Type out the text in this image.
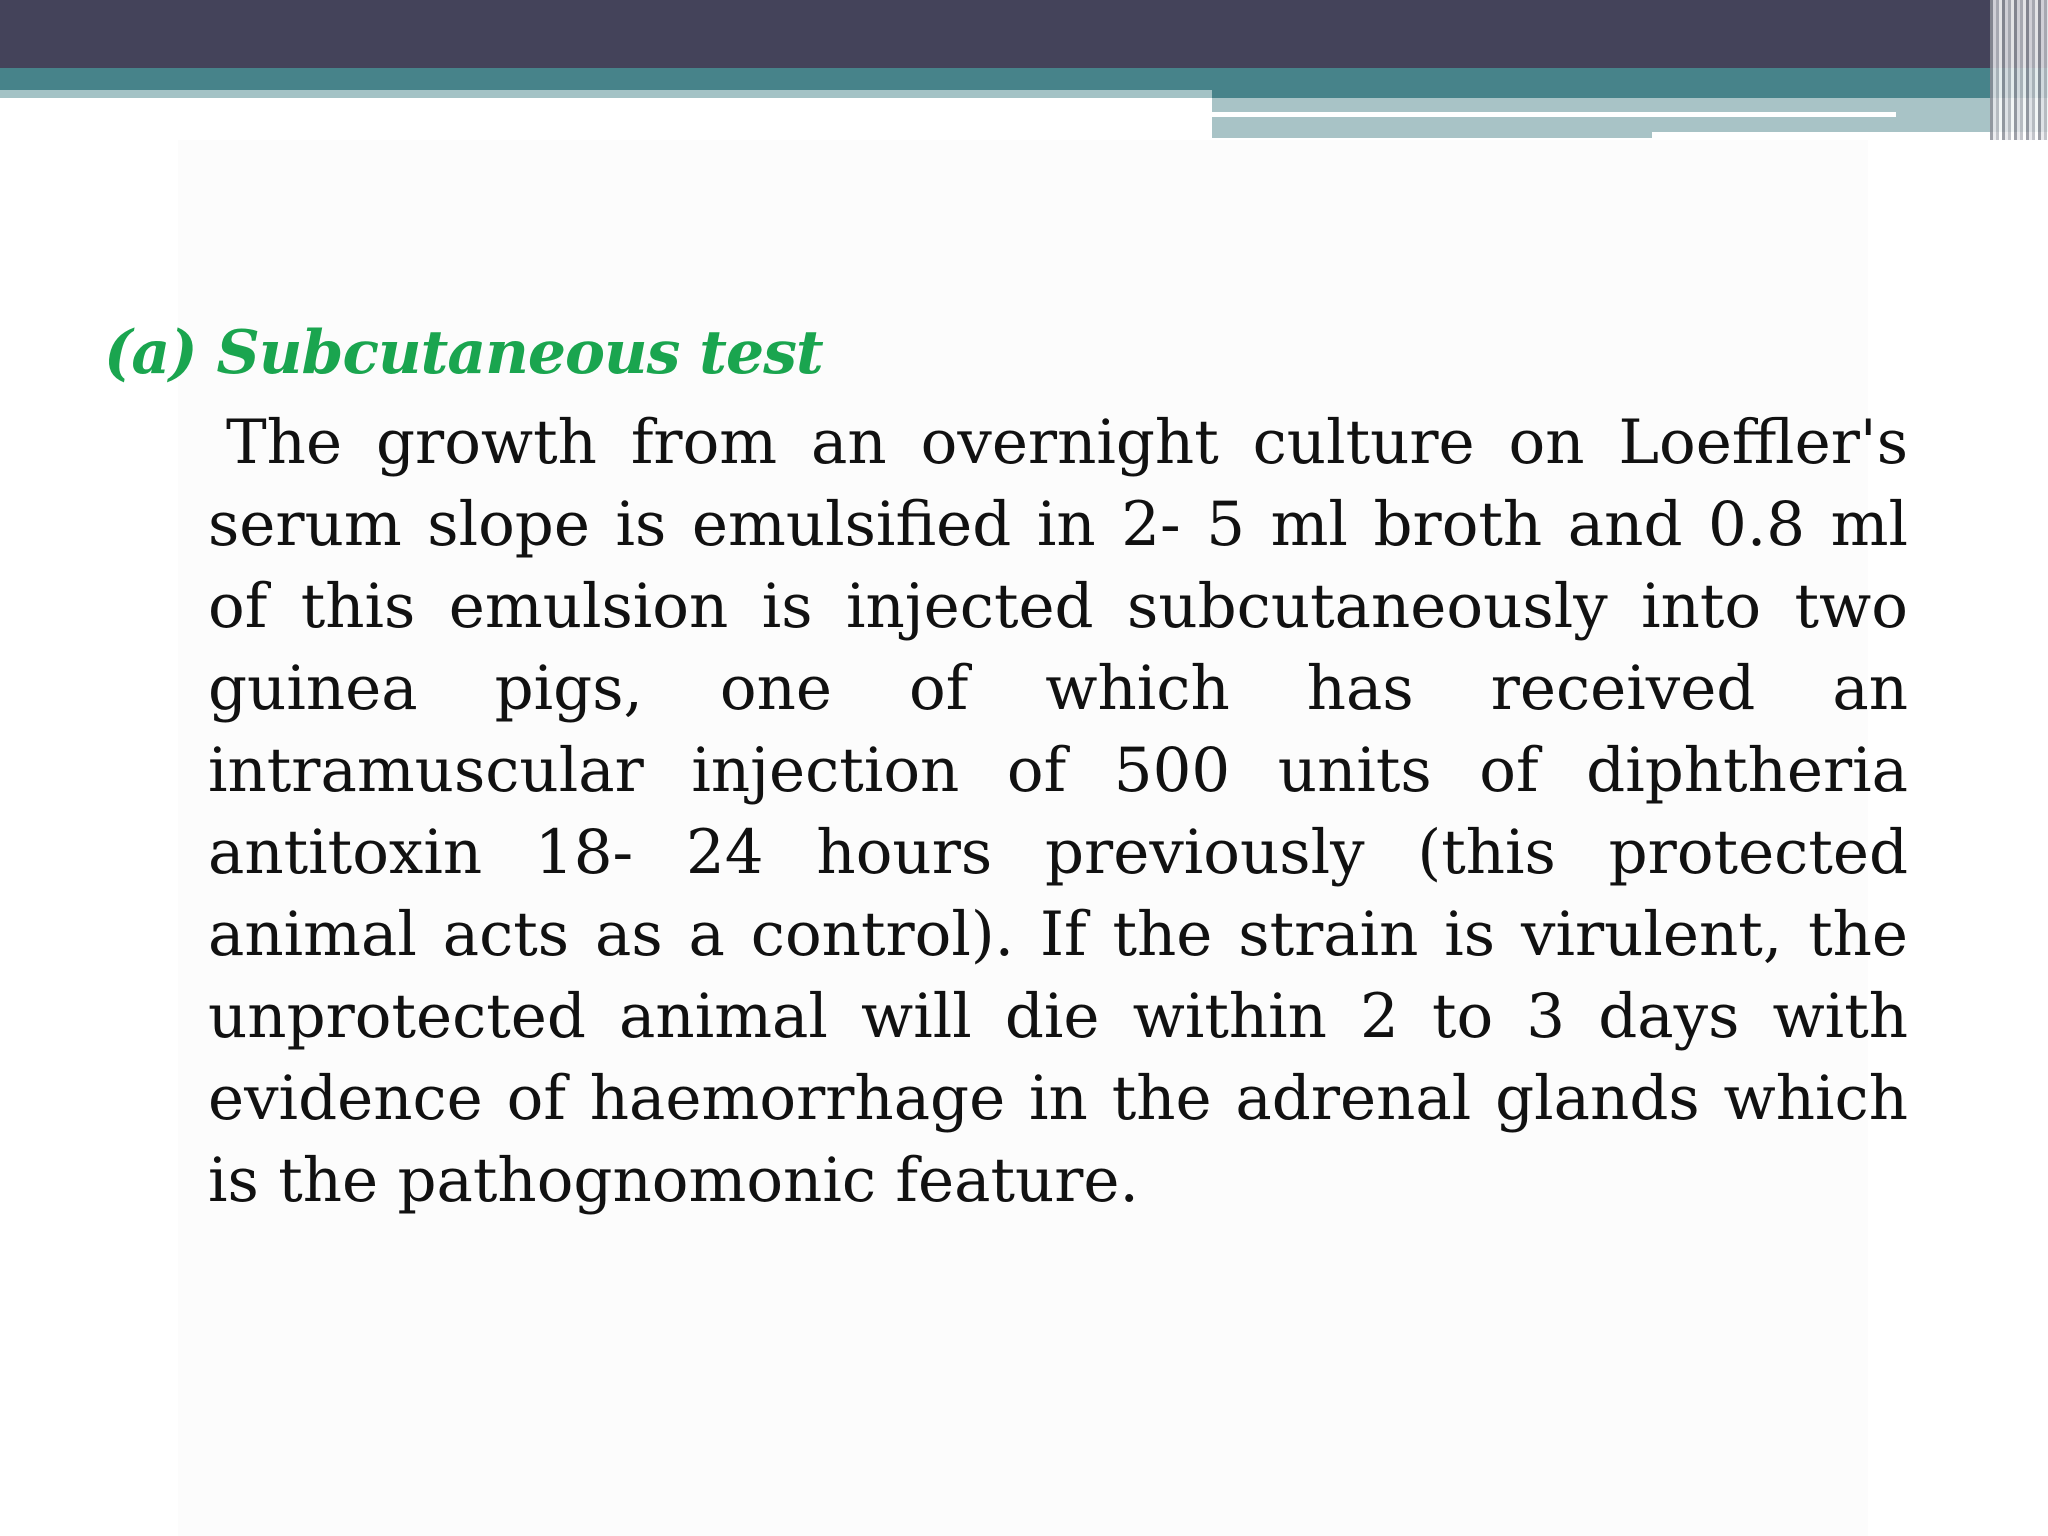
(a) Subcutaneous test

The growth from an overnight culture on Loeffler's serum slope is emulsified in 2- 5 ml broth and 0.8 ml of this emulsion is injected subcutaneously into two guinea pigs, one of which has received an intramuscular injection of 500 units of diphtheria antitoxin 18- 24 hours previously (this protected animal acts as a control). If the strain is virulent, the unprotected animal will die within 2 to 3 days with evidence of haemorrhage in the adrenal glands which is the pathognomonic feature.
